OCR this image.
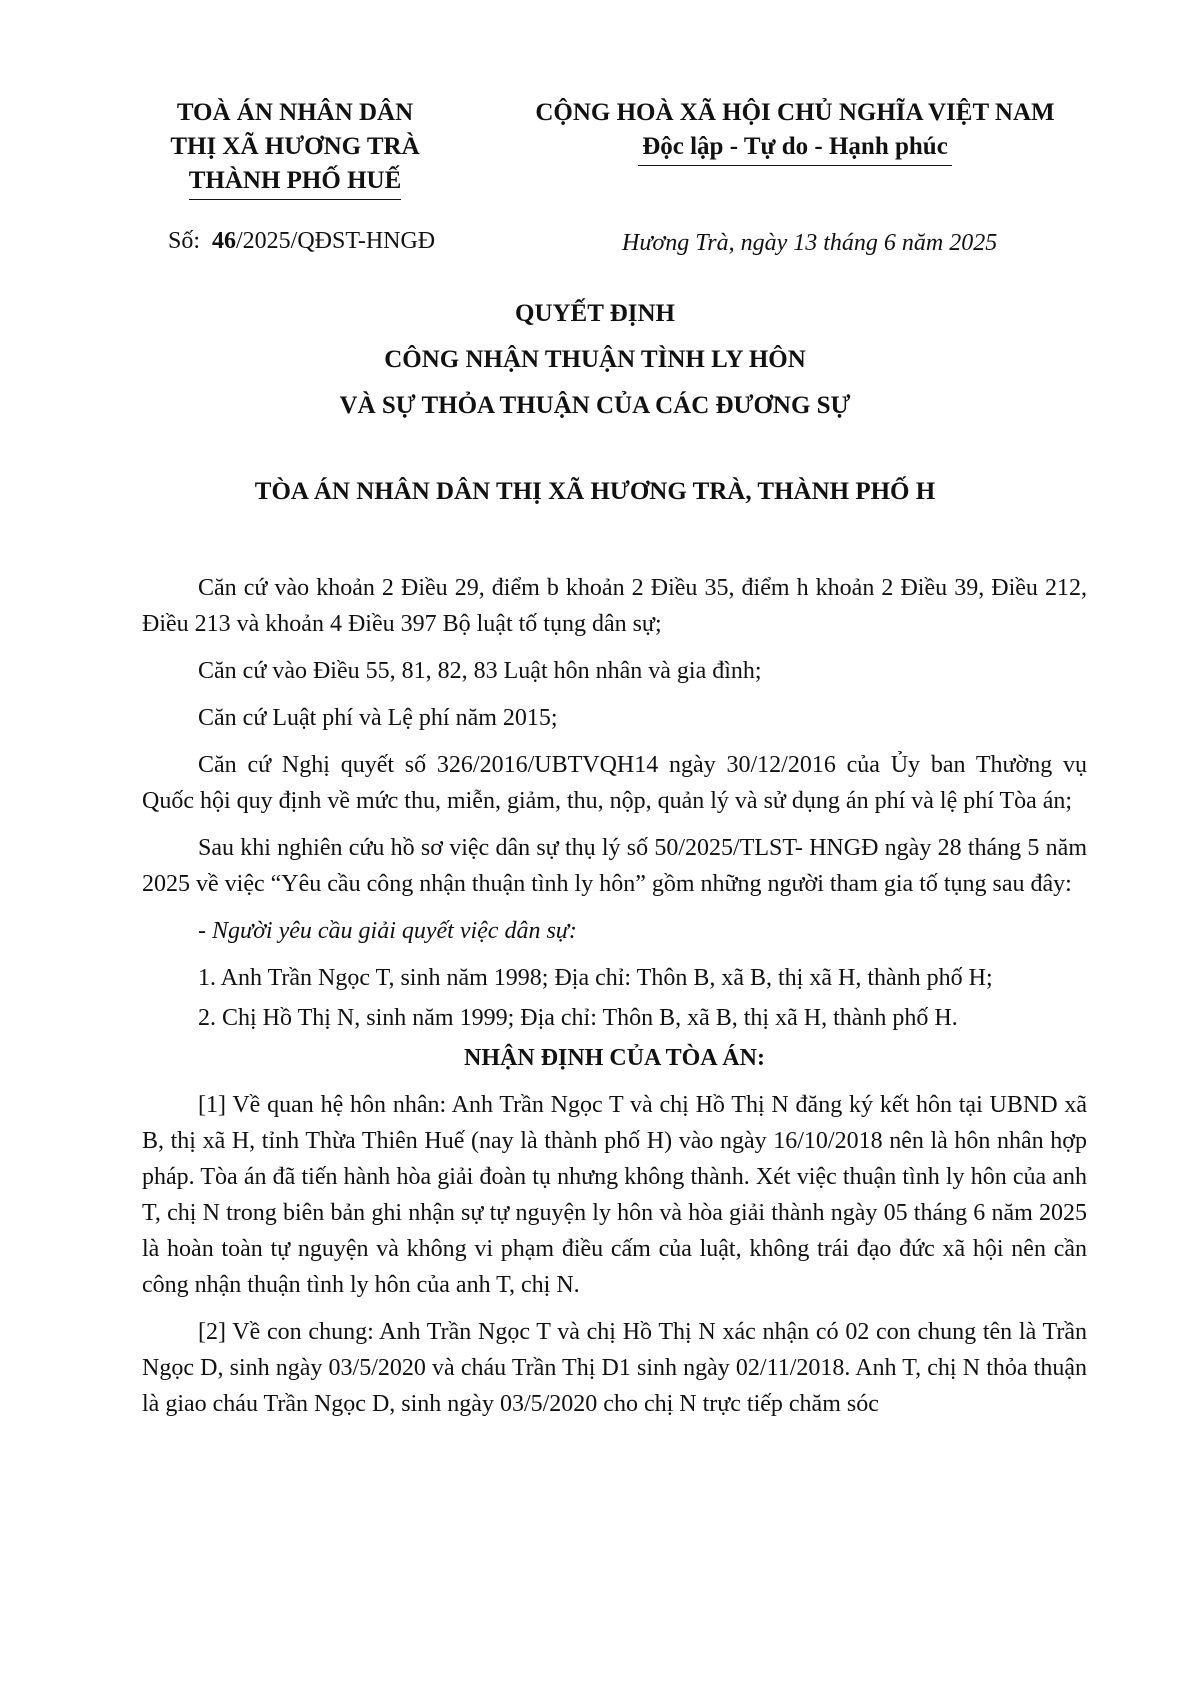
TOÀ ÁN NHÂN DÂN
THỊ XÃ HƯƠNG TRÀ
THÀNH PHỐ HUẾ
CỘNG HOÀ XÃ HỘI CHỦ NGHĨA VIỆT NAM
Độc lập - Tự do - Hạnh phúc
Số: 46/2025/QĐST-HNGĐ	Hương Trà, ngày 13 tháng 6 năm 2025
QUYẾT ĐỊNH
CÔNG NHẬN THUẬN TÌNH LY HÔN
VÀ SỰ THỎA THUẬN CỦA CÁC ĐƯƠNG SỰ
TÒA ÁN NHÂN DÂN THỊ XÃ HƯƠNG TRÀ, THÀNH PHỐ H

Căn cứ vào khoản 2 Điều 29, điểm b khoản 2 Điều 35, điểm h khoản 2 Điều 39, Điều 212, Điều 213 và khoản 4 Điều 397 Bộ luật tố tụng dân sự;

Căn cứ vào Điều 55, 81, 82, 83 Luật hôn nhân và gia đình;

Căn cứ Luật phí và Lệ phí năm 2015;

Căn cứ Nghị quyết số 326/2016/UBTVQH14 ngày 30/12/2016 của Ủy ban Thường vụ Quốc hội quy định về mức thu, miễn, giảm, thu, nộp, quản lý và sử dụng án phí và lệ phí Tòa án;

Sau khi nghiên cứu hồ sơ việc dân sự thụ lý số 50/2025/TLST- HNGĐ ngày 28 tháng 5 năm 2025 về việc “Yêu cầu công nhận thuận tình ly hôn” gồm những người tham gia tố tụng sau đây:

- Người yêu cầu giải quyết việc dân sự:

1. Anh Trần Ngọc T, sinh năm 1998; Địa chỉ: Thôn B, xã B, thị xã H, thành phố H;

2. Chị Hồ Thị N, sinh năm 1999; Địa chỉ: Thôn B, xã B, thị xã H, thành phố H.

NHẬN ĐỊNH CỦA TÒA ÁN:

[1] Về quan hệ hôn nhân: Anh Trần Ngọc T và chị Hồ Thị N đăng ký kết hôn tại UBND xã B, thị xã H, tỉnh Thừa Thiên Huế (nay là thành phố H) vào ngày 16/10/2018 nên là hôn nhân hợp pháp. Tòa án đã tiến hành hòa giải đoàn tụ nhưng không thành. Xét việc thuận tình ly hôn của anh T, chị N trong biên bản ghi nhận sự tự nguyện ly hôn và hòa giải thành ngày 05 tháng 6 năm 2025 là hoàn toàn tự nguyện và không vi phạm điều cấm của luật, không trái đạo đức xã hội nên cần công nhận thuận tình ly hôn của anh T, chị N.

[2] Về con chung: Anh Trần Ngọc T và chị Hồ Thị N xác nhận có 02 con chung tên là Trần Ngọc D, sinh ngày 03/5/2020 và cháu Trần Thị D1 sinh ngày 02/11/2018. Anh T, chị N thỏa thuận là giao cháu Trần Ngọc D, sinh ngày 03/5/2020 cho chị N trực tiếp chăm sóc
